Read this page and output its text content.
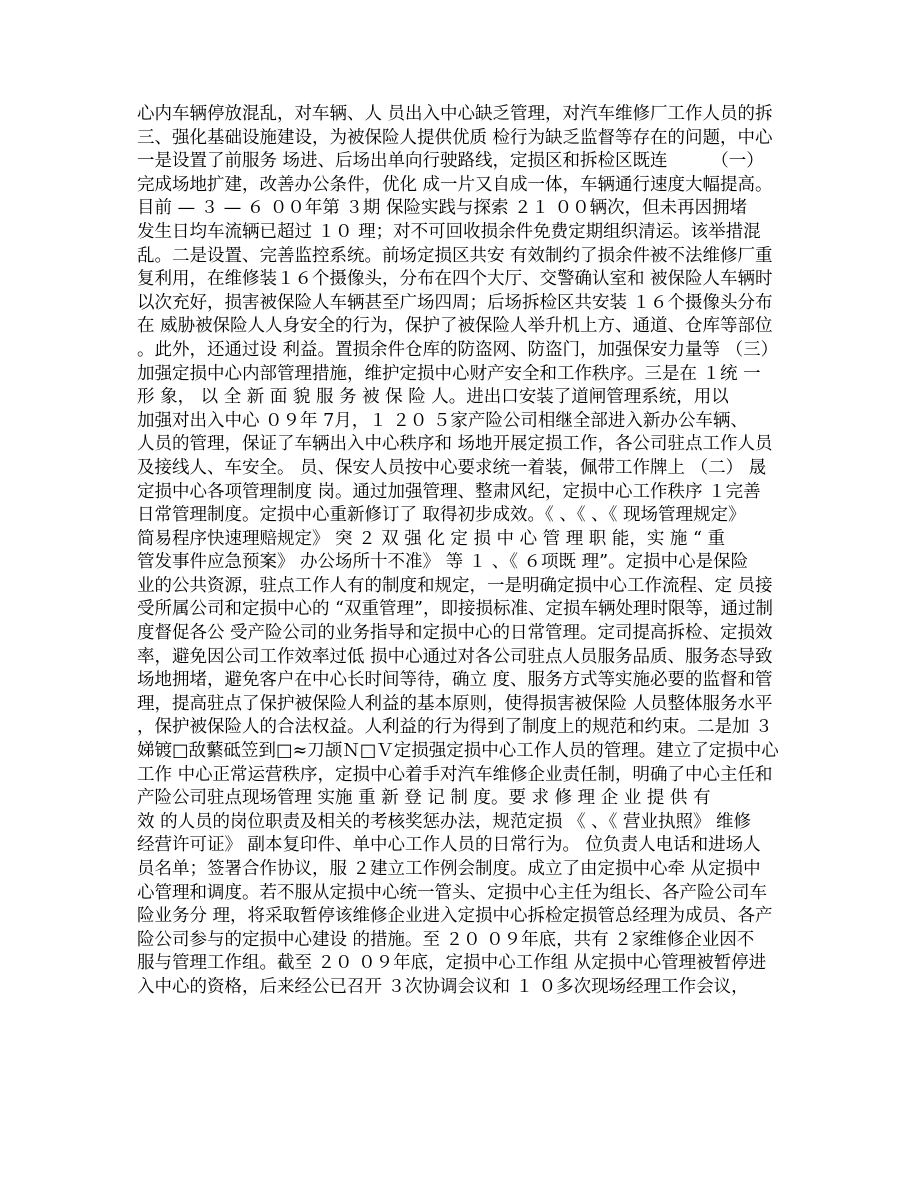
心内车辆停放混乱，对车辆、人 员出入中心缺乏管理，对汽车维修厂工作人员的拆
三、强化基础设施建设，为被保险人提供优质 检行为缺乏监督等存在的问题，中心
一是设置了前服务 场进、后场出单向行驶路线，定损区和拆检区既连　　　（一）
完成场地扩建，改善办公条件，优化 成一片又自成一体，车辆通行速度大幅提高。
目前 — ３ — ６ ００年第 ３期 保险实践与探索 ２１ ００辆次，但未再因拥堵
发生日均车流辆已超过 １０ 理；对不可回收损余件免费定期组织清运。该举措混
乱。二是设置、完善监控系统。前场定损区共安 有效制约了损余件被不法维修厂重
复利用，在维修装１６个摄像头，分布在四个大厅、交警确认室和 被保险人车辆时
以次充好，损害被保险人车辆甚至广场四周；后场拆检区共安装 １６个摄像头分布
在 威胁被保险人人身安全的行为，保护了被保险人举升机上方、通道、仓库等部位
。此外，还通过设 利益。置损余件仓库的防盗网、防盗门，加强保安力量等 （三）
加强定损中心内部管理措施，维护定损中心财产安全和工作秩序。三是在 １统 一
形 象， 以 全 新 面 貌 服 务 被 保 险 人。进出口安装了道闸管理系统，用以
加强对出入中心 ０９年 7月，１ ２０ ５家产险公司相继全部进入新办公车辆、
人员的管理，保证了车辆出入中心秩序和 场地开展定损工作，各公司驻点工作人员
及接线人、车安全。 员、保安人员按中心要求统一着装，佩带工作牌上 （二） 晟
定损中心各项管理制度 岗。通过加强管理、整肃风纪，定损中心工作秩序 １完善
日常管理制度。定损中心重新修订了 取得初步成效。《 、《 、《 现场管理规定》
简易程序快速理赔规定》 突 ２ 双 强 化 定 损 中 心 管 理 职 能，实 施 “ 重
管发事件应急预案》 办公场所十不准》 等 １ 、《 ６项既 理”。定损中心是保险
业的公共资源，驻点工作人有的制度和规定，一是明确定损中心工作流程、定 员接
受所属公司和定损中心的 “双重管理”，即接损标准、定损车辆处理时限等，通过制
度督促各公 受产险公司的业务指导和定损中心的日常管理。定司提高拆检、定损效
率，避免因公司工作效率过低 损中心通过对各公司驻点人员服务品质、服务态导致
场地拥堵，避免客户在中心长时间等待，确立 度、服务方式等实施必要的监督和管
理，提高驻点了保护被保险人利益的基本原则，使得损害被保险 人员整体服务水平
，保护被保险人的合法权益。人利益的行为得到了制度上的规范和约束。二是加 ３
娣镀□敌蘩砥笠到□≈刀颉Ｎ□Ｖ定损强定损中心工作人员的管理。建立了定损中心
工作 中心正常运营秩序，定损中心着手对汽车维修企业责任制，明确了中心主任和
产险公司驻点现场管理 实施 重 新 登 记 制 度。要 求 修 理 企 业 提 供 有
效 的人员的岗位职责及相关的考核奖惩办法，规范定损 《 、《 营业执照》 维修
经营许可证》 副本复印件、单中心工作人员的日常行为。 位负责人电话和进场人
员名单；签署合作协议，服 ２建立工作例会制度。成立了由定损中心牵 从定损中
心管理和调度。若不服从定损中心统一管头、定损中心主任为组长、各产险公司车
险业务分 理，将采取暂停该维修企业进入定损中心拆检定损管总经理为成员、各产
险公司参与的定损中心建设 的措施。至 ２０ ０９年底，共有 ２家维修企业因不
服与管理工作组。截至 ２０ ０９年底，定损中心工作组 从定损中心管理被暂停进
入中心的资格，后来经公已召开 ３次协调会议和 １ ０多次现场经理工作会议，
